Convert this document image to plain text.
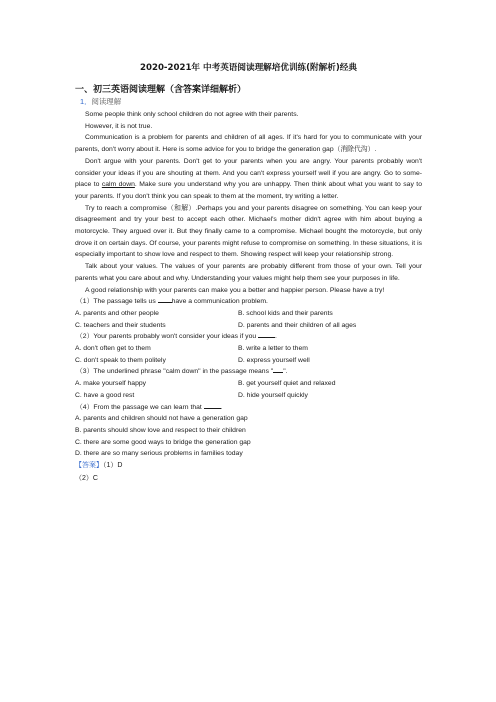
2020-2021年 中考英语阅读理解培优训练(附解析)经典
一、初三英语阅读理解（含答案详细解析）
1．阅读理解

Some people think only school children do not agree with their parents.

However, it is not true.

Communication is a problem for parents and children of all ages. If it's hard for you to communicate with your parents, don't worry about it. Here is some advice for you to bridge the generation gap（消除代沟）.

Don't argue with your parents. Don't get to your parents when you are angry. Your parents probably won't consider your ideas if you are shouting at them. And you can't express yourself well if you are angry. Go to some-place to calm down. Make sure you understand why you are unhappy. Then think about what you want to say to your parents. If you don't think you can speak to them at the moment, try writing a letter.

Try to reach a compromise（和解）.Perhaps you and your parents disagree on something. You can keep your disagreement and try your best to accept each other. Michael's mother didn't agree with him about buying a motorcycle. They argued over it. But they finally came to a compromise. Michael bought the motorcycle, but only drove it on certain days. Of course, your parents might refuse to compromise on something. In these situations, it is especially important to show love and respect to them. Showing respect will keep your relationship strong.

Talk about your values. The values of your parents are probably different from those of your own. Tell your parents what you care about and why. Understanding your values might help them see your purposes in life.

A good relationship with your parents can make you a better and happier person. Please have a try!

（1）The passage tells us have a communication problem.
A. parents and other people	B. school kids and their parents
C. teachers and their students	D. parents and their children of all ages
（2）Your parents probably won't consider your ideas if you	.
A. don't often get to them	B. write a letter to them
C. don't speak to them politely	D. express yourself well
（3）The underlined phrase "calm down" in the passage means " ".
A. make yourself happy	B. get yourself quiet and relaxed
C. have a good rest	D. hide yourself quickly
（4）From the passage we can learn that	.
A. parents and children should not have a generation gap
B. parents should show love and respect to their children
C. there are some good ways to bridge the generation gap
D. there are so many serious problems in families today
【答案】（1）D
（2）C
